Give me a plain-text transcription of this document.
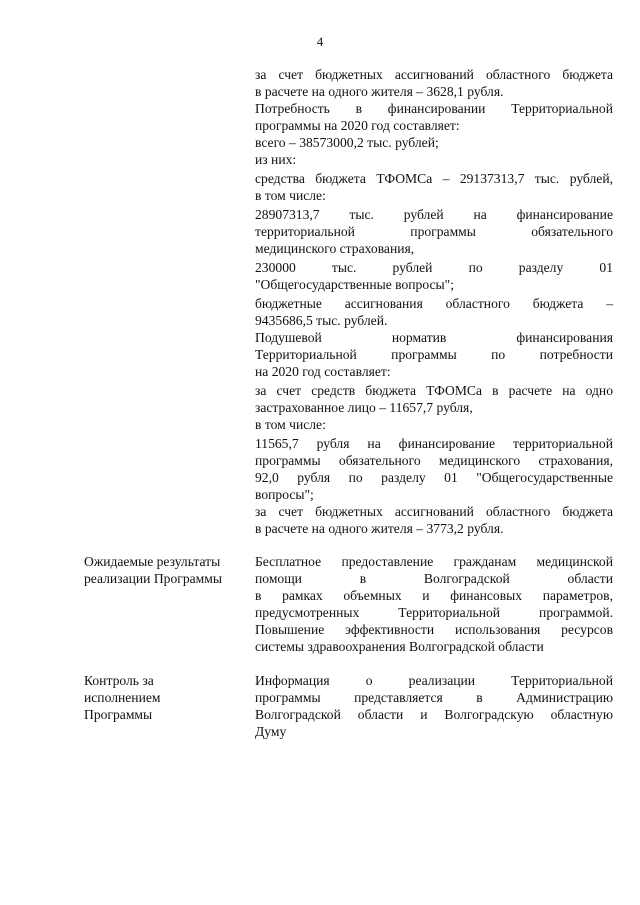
4
за счет бюджетных ассигнований областного бюджета
в расчете на одного жителя – 3628,1 рубля.
Потребность в финансировании Территориальной
программы на 2020 год составляет:
всего – 38573000,2 тыс. рублей;
из них:
средства бюджета ТФОМСа – 29137313,7 тыс. рублей,
в том числе:
28907313,7 тыс. рублей на финансирование
территориальной программы обязательного
медицинского страхования,
230000 тыс. рублей по разделу 01
"Общегосударственные вопросы";
бюджетные ассигнования областного бюджета –
9435686,5 тыс. рублей.
Подушевой норматив финансирования
Территориальной программы по потребности
на 2020 год составляет:
за счет средств бюджета ТФОМСа в расчете на одно
застрахованное лицо – 11657,7 рубля,
в том числе:
11565,7 рубля на финансирование территориальной
программы обязательного медицинского страхования,
92,0 рубля по разделу 01 "Общегосударственные
вопросы";
за счет бюджетных ассигнований областного бюджета
в расчете на одного жителя – 3773,2 рубля.
Ожидаемые результаты
реализации Программы
Бесплатное предоставление гражданам медицинской
помощи в Волгоградской области
в рамках объемных и финансовых параметров,
предусмотренных Территориальной программой.
Повышение эффективности использования ресурсов
системы здравоохранения Волгоградской области
Контроль за
исполнением
Программы
Информация о реализации Территориальной
программы представляется в Администрацию
Волгоградской области и Волгоградскую областную
Думу
